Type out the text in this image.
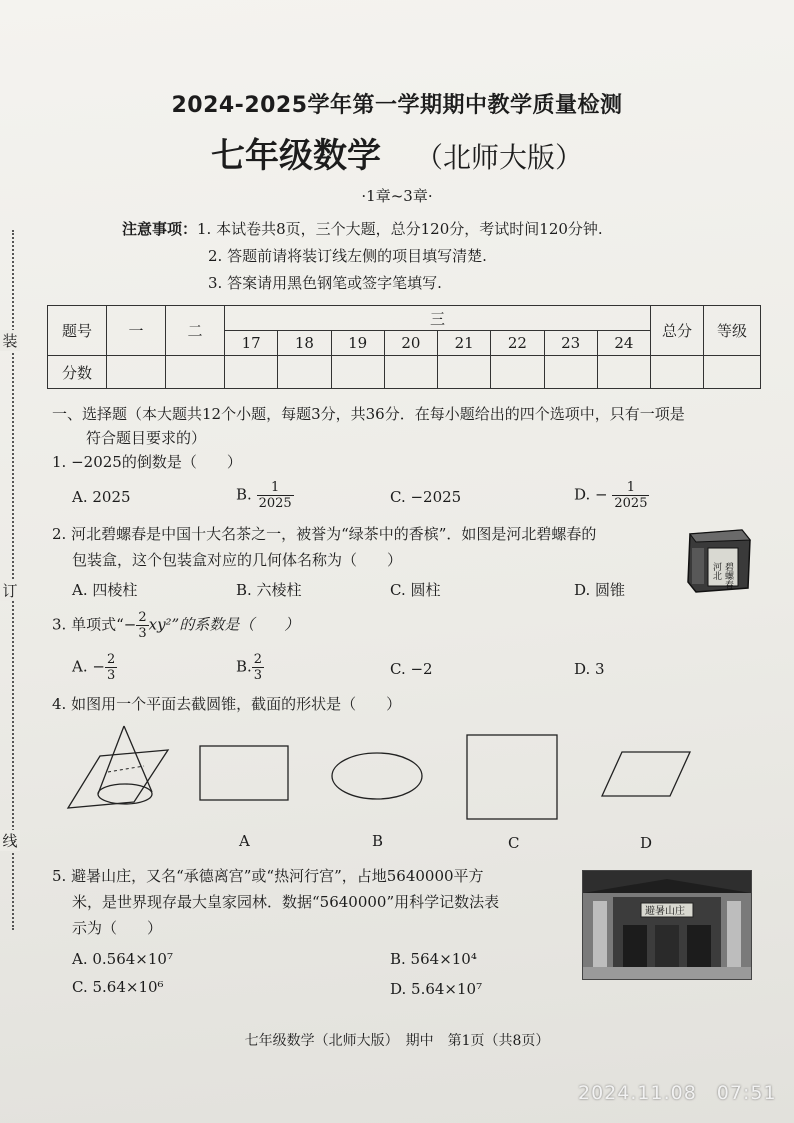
装
订
线
2024-2025学年第一学期期中教学质量检测
七年级数学 （北师大版）
·1章~3章·
注意事项： 1. 本试卷共8页，三个大题，总分120分，考试时间120分钟.
2. 答题前请将装订线左侧的项目填写清楚.
3. 答案请用黑色钢笔或签字笔填写.
题号	一	二	三								总分	等级
			17	18	19	20	21	22	23	24		
分数												
一、选择题（本大题共12个小题，每题3分，共36分．在每小题给出的四个选项中，只有一项是
符合题目要求的）
1. −2025的倒数是（　　）
A. 2025	B. $\frac{1}{2025}$	C. −2025	D. − $\frac{1}{2025}$
2. 河北碧螺春是中国十大名茶之一，被誉为“绿茶中的香槟”．如图是河北碧螺春的
包装盒，这个包装盒对应的几何体名称为（　　）
A. 四棱柱	B. 六棱柱	C. 圆柱	D. 圆锥
碧螺春
河北
3. 单项式“− $\frac{2}{3} xy^2$”的系数是（　　）
A. − $\frac{2}{3}$	B. $\frac{2}{3}$	C. −2	D. 3
4. 如图用一个平面去截圆锥，截面的形状是（　　）
A	B	C	D
5. 避暑山庄，又名“承德离宫”或“热河行宫”，占地5640000平方
米，是世界现存最大皇家园林．数据“5640000”用科学记数法表
示为（　　）
A. 0.564×10⁷	B. 564×10⁴
C. 5.64×10⁶	D. 5.64×10⁷
避暑山庄
七年级数学（北师大版）　期中　第1页（共8页）
2024.11.08　07:51
